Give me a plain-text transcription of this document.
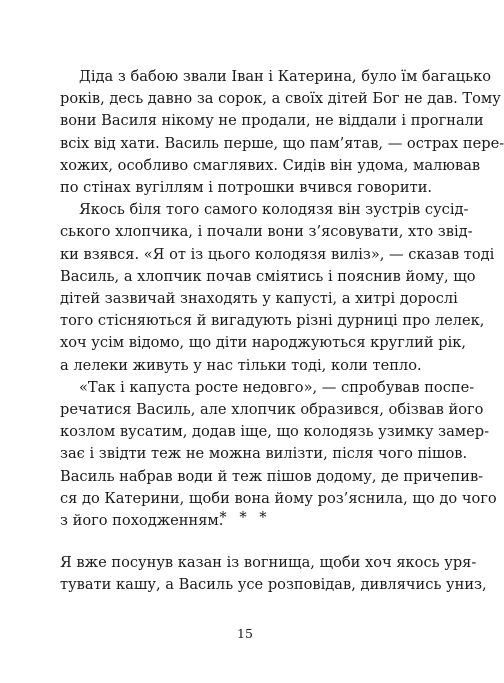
Діда з бабою звали Іван і Катерина, було їм багацько
років, десь давно за сорок, а своїх дітей Бог не дав. Тому
вони Василя нікому не продали, не віддали і прогнали
всіх від хати. Василь перше, що пам’ятав, — острах пере-
хожих, особливо смаглявих. Сидів він удома, малював
по стінах вугіллям і потрошки вчився говорити.
Якось біля того самого колодязя він зустрів сусід-
ського хлопчика, і почали вони з’ясовувати, хто звід-
ки взявся. «Я от із цього колодязя виліз», — сказав тоді
Василь, а хлопчик почав сміятись і пояснив йому, що
дітей зазвичай знаходять у капусті, а хитрі дорослі
того стісняються й вигадують різні дурниці про лелек,
хоч усім відомо, що діти народжуються круглий рік,
а лелеки живуть у нас тільки тоді, коли тепло.
«Так і капуста росте недовго», — спробував поспе-
речатися Василь, але хлопчик образився, обізвав його
козлом вусатим, додав іще, що колодязь узимку замер-
зає і звідти теж не можна вилізти, після чого пішов.
Василь набрав води й теж пішов додому, де причепив-
ся до Катерини, щоби вона йому роз’яснила, що до чого
з його походженням.
* * *
Я вже посунув казан із вогнища, щоби хоч якось уря-
тувати кашу, а Василь усе розповідав, дивлячись униз,
15
